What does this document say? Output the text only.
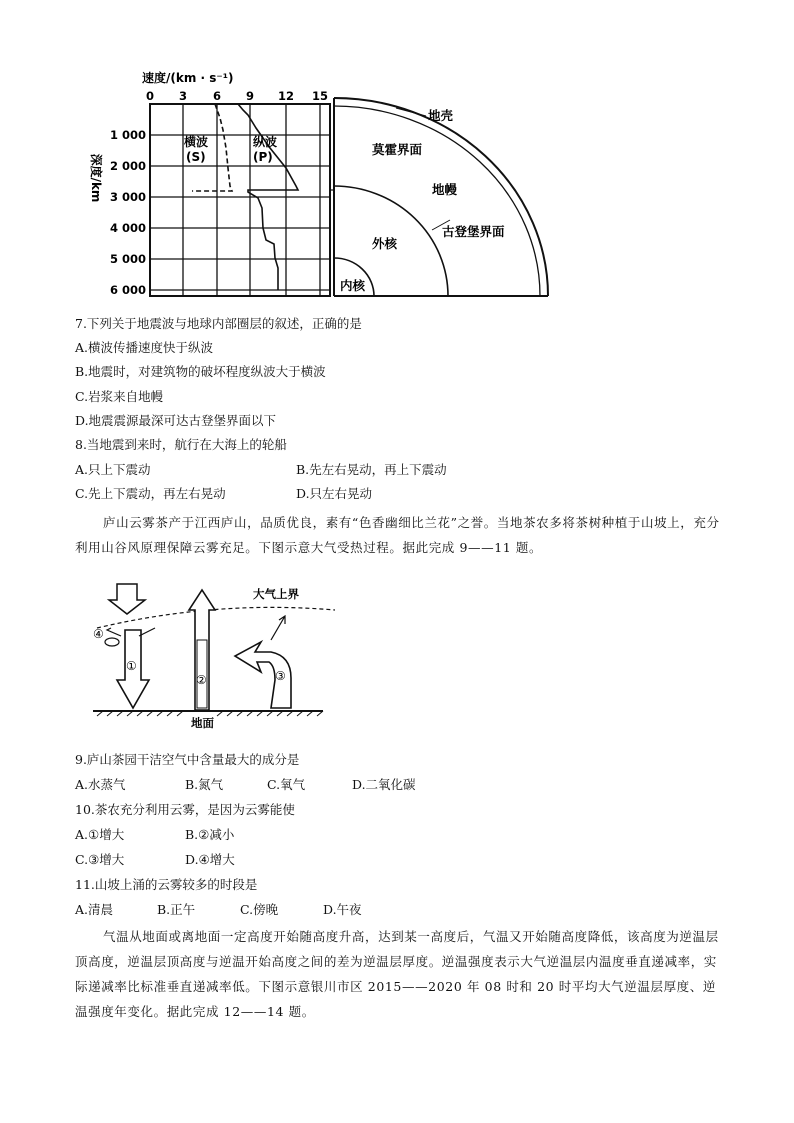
速度/(km · s⁻¹)
0 3 6 9 12 15
1 000
2 000
3 000
4 000
5 000
6 000
深度/km
横波
(S)
纵波
(P)
地壳
莫霍界面
地幔
古登堡界面
外核
内核
7.下列关于地震波与地球内部圈层的叙述，正确的是
A.横波传播速度快于纵波
B.地震时，对建筑物的破坏程度纵波大于横波
C.岩浆来自地幔
D.地震震源最深可达古登堡界面以下
8.当地震到来时，航行在大海上的轮船
A.只上下震动	B.先左右晃动，再上下震动
C.先上下震动，再左右晃动	D.只左右晃动
庐山云雾茶产于江西庐山，品质优良，素有“色香幽细比兰花”之誉。当地茶农多将茶树种植于山坡上，充分利用山谷风原理保障云雾充足。下图示意大气受热过程。据此完成 9——11 题。
大气上界
①
④
②	③
地面
9.庐山茶园干洁空气中含量最大的成分是
A.水蒸气	B.氮气	C.氧气	D.二氧化碳
10.茶农充分利用云雾，是因为云雾能使
A.①增大	B.②减小
C.③增大	D.④增大
11.山坡上涌的云雾较多的时段是
A.清晨	B.正午	C.傍晚	D.午夜
气温从地面或离地面一定高度开始随高度升高，达到某一高度后，气温又开始随高度降低，该高度为逆温层顶高度，逆温层顶高度与逆温开始高度之间的差为逆温层厚度。逆温强度表示大气逆温层内温度垂直递减率，实际递减率比标准垂直递减率低。下图示意银川市区 2015——2020 年 08 时和 20 时平均大气逆温层厚度、逆温强度年变化。据此完成 12——14 题。
